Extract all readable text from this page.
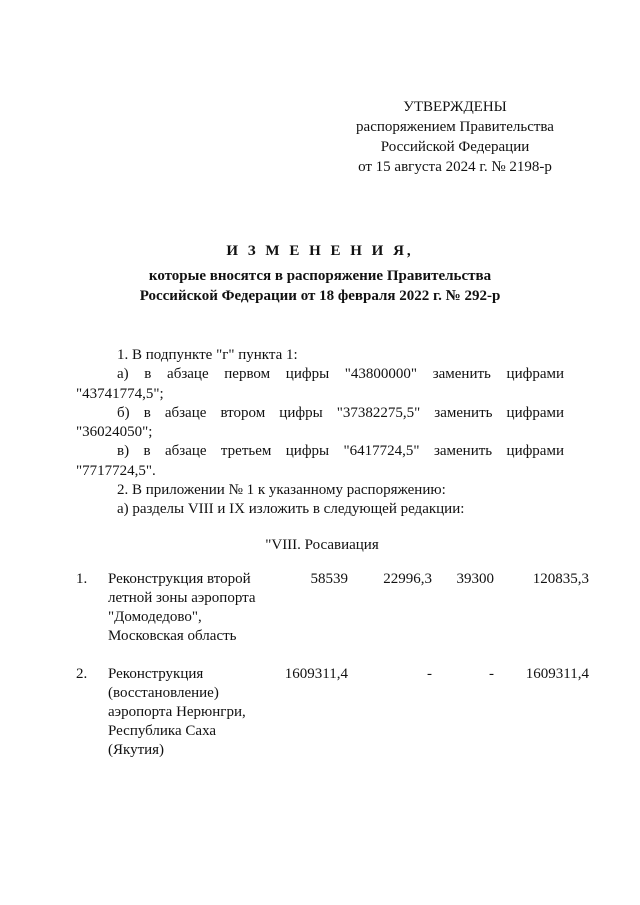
УТВЕРЖДЕНЫ
распоряжением Правительства
Российской Федерации
от 15 августа 2024 г. № 2198-р
И З М Е Н Е Н И Я,
которые вносятся в распоряжение Правительства
Российской Федерации от 18 февраля 2022 г. № 292-р
1. В подпункте "г" пункта 1:
а) в абзаце первом цифры "43800000" заменить цифрами
"43741774,5";
б) в абзаце втором цифры "37382275,5" заменить цифрами
"36024050";
в) в абзаце третьем цифры "6417724,5" заменить цифрами
"7717724,5".
2. В приложении № 1 к указанному распоряжению:
а) разделы VIII и IX изложить в следующей редакции:
"VIII. Росавиация
1.	Реконструкция второй летной зоны аэропорта "Домодедово", Московская область	58539	22996,3	39300	120835,3
2.	Реконструкция (восстановление) аэропорта Нерюнгри, Республика Саха (Якутия)	1609311,4	-	-	1609311,4
